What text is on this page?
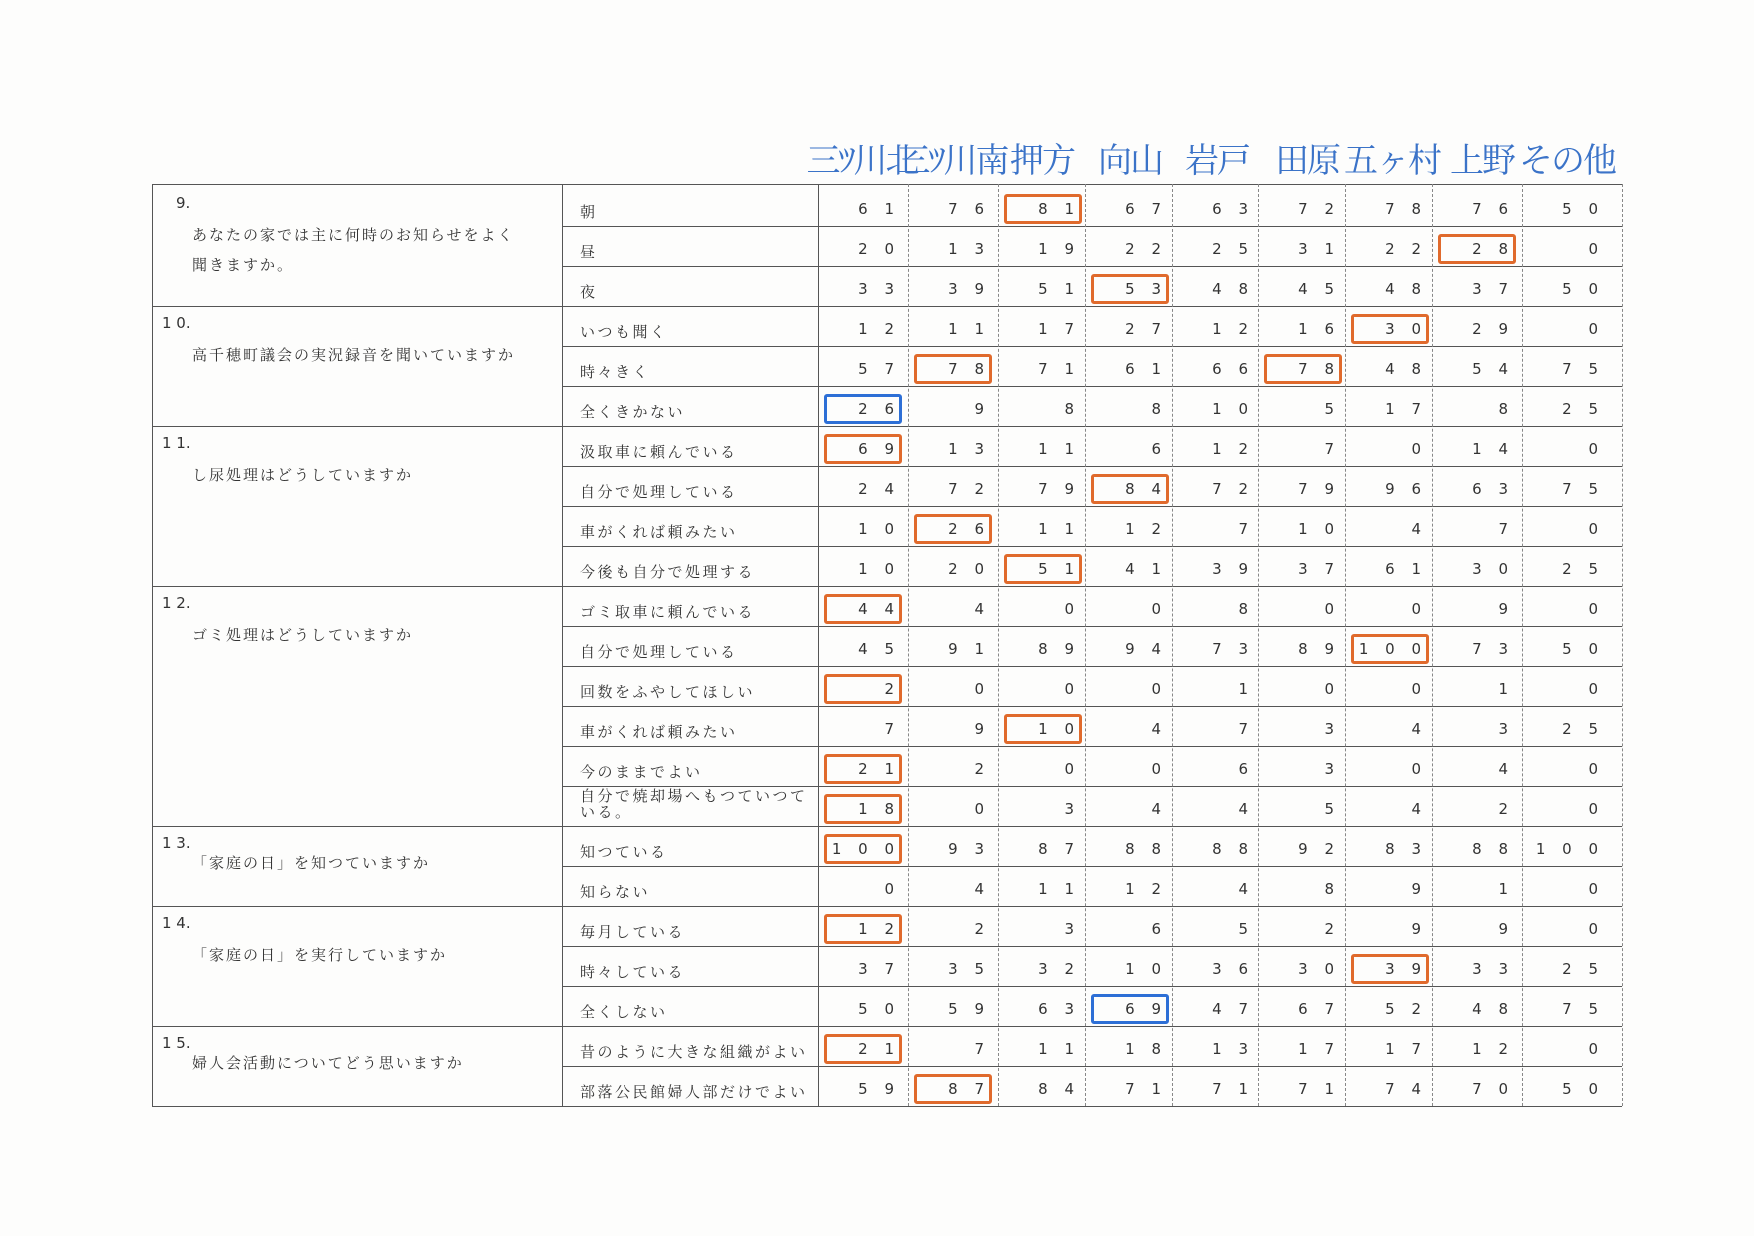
三ﾂ川北
三ﾂ川南 押方 向山 岩戸 田原 五ヶ村 上野 その他
9.
あなたの家では主に何時のお知らせをよく
聞きますか。
朝	6 1	7 6	8 1	6 7	6 3	7 2	7 8	7 6	5 0
昼	2 0	1 3	1 9	2 2	2 5	3 1	2 2	2 8	0
夜	3 3	3 9	5 1	5 3	4 8	4 5	4 8	3 7	5 0
1 0.
高千穂町議会の実況録音を聞いていますか
いつも聞く	1 2	1 1	1 7	2 7	1 2	1 6	3 0	2 9	0
時々きく	5 7	7 8	7 1	6 1	6 6	7 8	4 8	5 4	7 5
全くきかない	2 6	9	8	8	1 0	5	1 7	8	2 5
1 1.
し尿処理はどうしていますか
汲取車に頼んでいる	6 9	1 3	1 1	6	1 2	7	0	1 4	0
自分で処理している	2 4	7 2	7 9	8 4	7 2	7 9	9 6	6 3	7 5
車がくれば頼みたい	1 0	2 6	1 1	1 2	7	1 0	4	7	0
今後も自分で処理する	1 0	2 0	5 1	4 1	3 9	3 7	6 1	3 0	2 5
1 2.
ゴミ処理はどうしていますか
ゴミ取車に頼んでいる	4 4	4	0	0	8	0	0	9	0
自分で処理している	4 5	9 1	8 9	9 4	7 3	8 9	1 0 0	7 3	5 0
回数をふやしてほしい	2	0	0	0	1	0	0	1	0
車がくれば頼みたい	7	9	1 0	4	7	3	4	3	2 5
今のままでよい	2 1	2	0	0	6	3	0	4	0
自分で焼却場へもつていつている。	1 8	0	3	4	4	5	4	2	0
1 3.
「家庭の日」を知つていますか
知つている	1 0 0	9 3	8 7	8 8	8 8	9 2	8 3	8 8	1 0 0
知らない	0	4	1 1	1 2	4	8	9	1	0
1 4.
「家庭の日」を実行していますか
毎月している	1 2	2	3	6	5	2	9	9	0
時々している	3 7	3 5	3 2	1 0	3 6	3 0	3 9	3 3	2 5
全くしない	5 0	5 9	6 3	6 9	4 7	6 7	5 2	4 8	7 5
1 5.
婦人会活動についてどう思いますか
昔のように大きな組織がよい	2 1	7	1 1	1 8	1 3	1 7	1 7	1 2	0
部落公民館婦人部だけでよい	5 9	8 7	8 4	7 1	7 1	7 1	7 4	7 0	5 0
